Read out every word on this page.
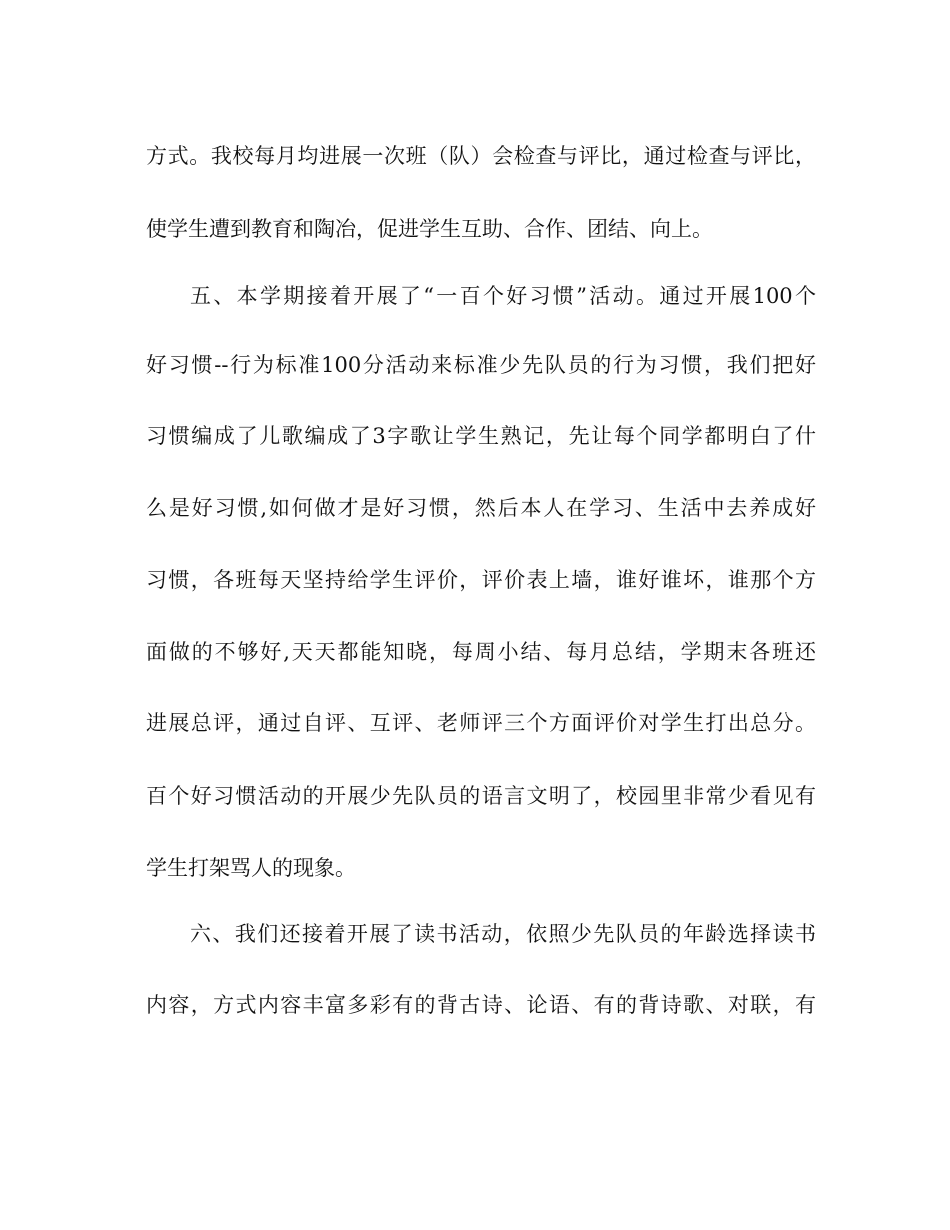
方式。我校每月均进展一次班（队）会检查与评比，通过检查与评比，
使学生遭到教育和陶冶，促进学生互助、合作、团结、向上。
五、本学期接着开展了“一百个好习惯”活动。通过开展100个
好习惯--行为标准100分活动来标准少先队员的行为习惯，我们把好
习惯编成了儿歌编成了3字歌让学生熟记，先让每个同学都明白了什
么是好习惯,如何做才是好习惯，然后本人在学习、生活中去养成好
习惯，各班每天坚持给学生评价，评价表上墙，谁好谁坏，谁那个方
面做的不够好,天天都能知晓，每周小结、每月总结，学期末各班还
进展总评，通过自评、互评、老师评三个方面评价对学生打出总分。
百个好习惯活动的开展少先队员的语言文明了，校园里非常少看见有
学生打架骂人的现象。
六、我们还接着开展了读书活动，依照少先队员的年龄选择读书
内容，方式内容丰富多彩有的背古诗、论语、有的背诗歌、对联，有
